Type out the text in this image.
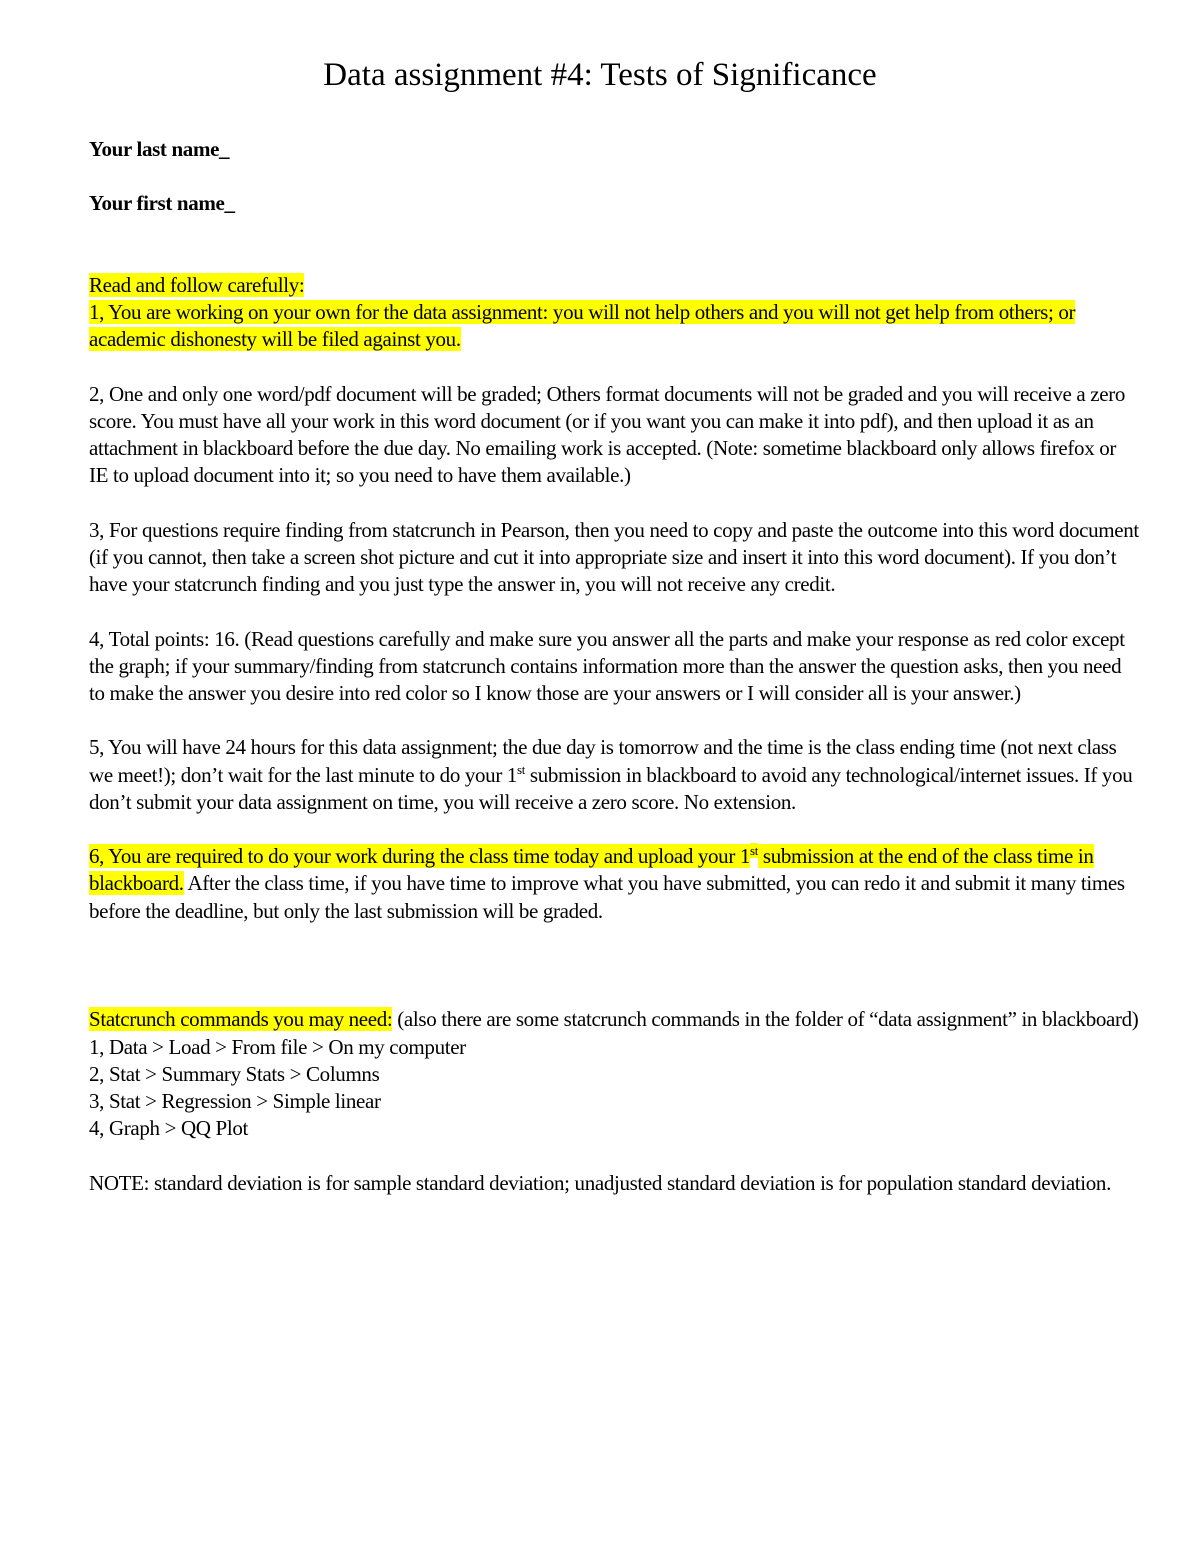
Data assignment #4: Tests of Significance

Your last name_

Your first name_

Read and follow carefully:

1, You are working on your own for the data assignment: you will not help others and you will not get help from others; or academic dishonesty will be filed against you.

2, One and only one word/pdf document will be graded; Others format documents will not be graded and you will receive a zero score. You must have all your work in this word document (or if you want you can make it into pdf), and then upload it as an attachment in blackboard before the due day. No emailing work is accepted. (Note: sometime blackboard only allows firefox or IE to upload document into it; so you need to have them available.)

3, For questions require finding from statcrunch in Pearson, then you need to copy and paste the outcome into this word document (if you cannot, then take a screen shot picture and cut it into appropriate size and insert it into this word document). If you don’t have your statcrunch finding and you just type the answer in, you will not receive any credit.

4, Total points: 16. (Read questions carefully and make sure you answer all the parts and make your response as red color except the graph; if your summary/finding from statcrunch contains information more than the answer the question asks, then you need to make the answer you desire into red color so I know those are your answers or I will consider all is your answer.)

5, You will have 24 hours for this data assignment; the due day is tomorrow and the time is the class ending time (not next class we meet!); don’t wait for the last minute to do your 1st submission in blackboard to avoid any technological/internet issues. If you don’t submit your data assignment on time, you will receive a zero score. No extension.

6, You are required to do your work during the class time today and upload your 1st submission at the end of the class time in blackboard. After the class time, if you have time to improve what you have submitted, you can redo it and submit it many times before the deadline, but only the last submission will be graded.

Statcrunch commands you may need: (also there are some statcrunch commands in the folder of “data assignment” in blackboard)

1, Data > Load > From file > On my computer

2, Stat > Summary Stats > Columns

3, Stat > Regression > Simple linear

4, Graph > QQ Plot

NOTE: standard deviation is for sample standard deviation; unadjusted standard deviation is for population standard deviation.
